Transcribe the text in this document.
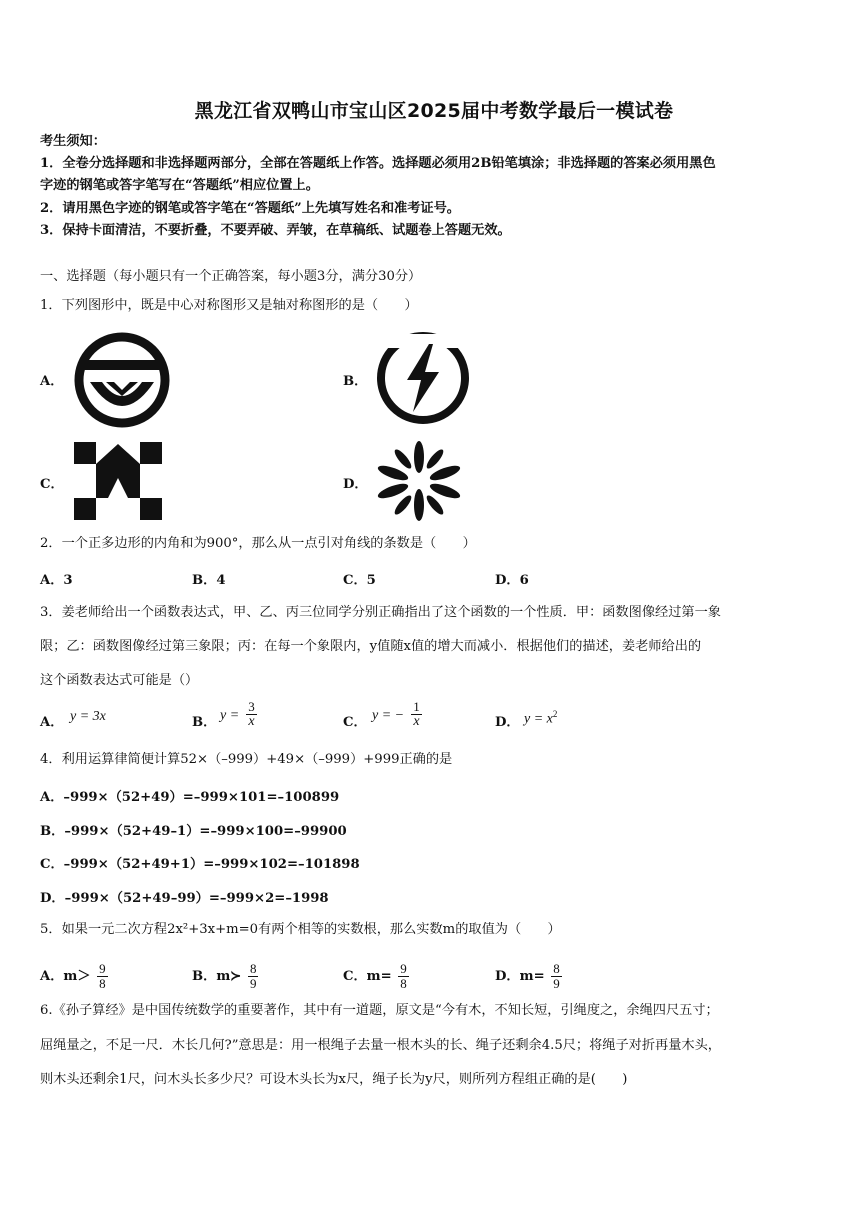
黑龙江省双鸭山市宝山区2025届中考数学最后一模试卷
考生须知：
1．全卷分选择题和非选择题两部分，全部在答题纸上作答。选择题必须用2B铅笔填涂；非选择题的答案必须用黑色
字迹的钢笔或答字笔写在“答题纸”相应位置上。
2．请用黑色字迹的钢笔或答字笔在“答题纸”上先填写姓名和准考证号。
3．保持卡面清洁，不要折叠，不要弄破、弄皱，在草稿纸、试题卷上答题无效。
一、选择题（每小题只有一个正确答案，每小题3分，满分30分）
1．下列图形中，既是中心对称图形又是轴对称图形的是（　　）
A．	B．
C．	D．
2．一个正多边形的内角和为900°，那么从一点引对角线的条数是（　　）
A．3	B．4	C．5	D．6
3．姜老师给出一个函数表达式，甲、乙、丙三位同学分别正确指出了这个函数的一个性质．甲：函数图像经过第一象
限；乙：函数图像经过第三象限；丙：在每一个象限内，y值随x值的增大而减小．根据他们的描述，姜老师给出的
这个函数表达式可能是（）
A． y = 3x	B． $y = \frac{3}{x}$	C． y = − $\frac{1}{x}$	D． $y = x^2$
4．利用运算律简便计算52×（–999）+49×（–999）+999正确的是
A．–999×（52+49）=–999×101=–100899
B．–999×（52+49–1）=–999×100=–99900
C．–999×（52+49+1）=–999×102=–101898
D．–999×（52+49–99）=–999×2=–1998
5．如果一元二次方程2x²+3x+m=0有两个相等的实数根，那么实数m的取值为（　　）
A．$m> \frac{9}{8}$	B．m≻ $\frac{8}{9}$	C．$m= \frac{9}{8}$	D．$m= \frac{8}{9}$
6.《孙子算经》是中国传统数学的重要著作，其中有一道题，原文是“今有木，不知长短，引绳度之，余绳四尺五寸；
屈绳量之，不足一尺．木长几何?”意思是：用一根绳子去量一根木头的长、绳子还剩余4.5尺；将绳子对折再量木头，
则木头还剩余1尺，问木头长多少尺？可设木头长为x尺，绳子长为y尺，则所列方程组正确的是(　　)
